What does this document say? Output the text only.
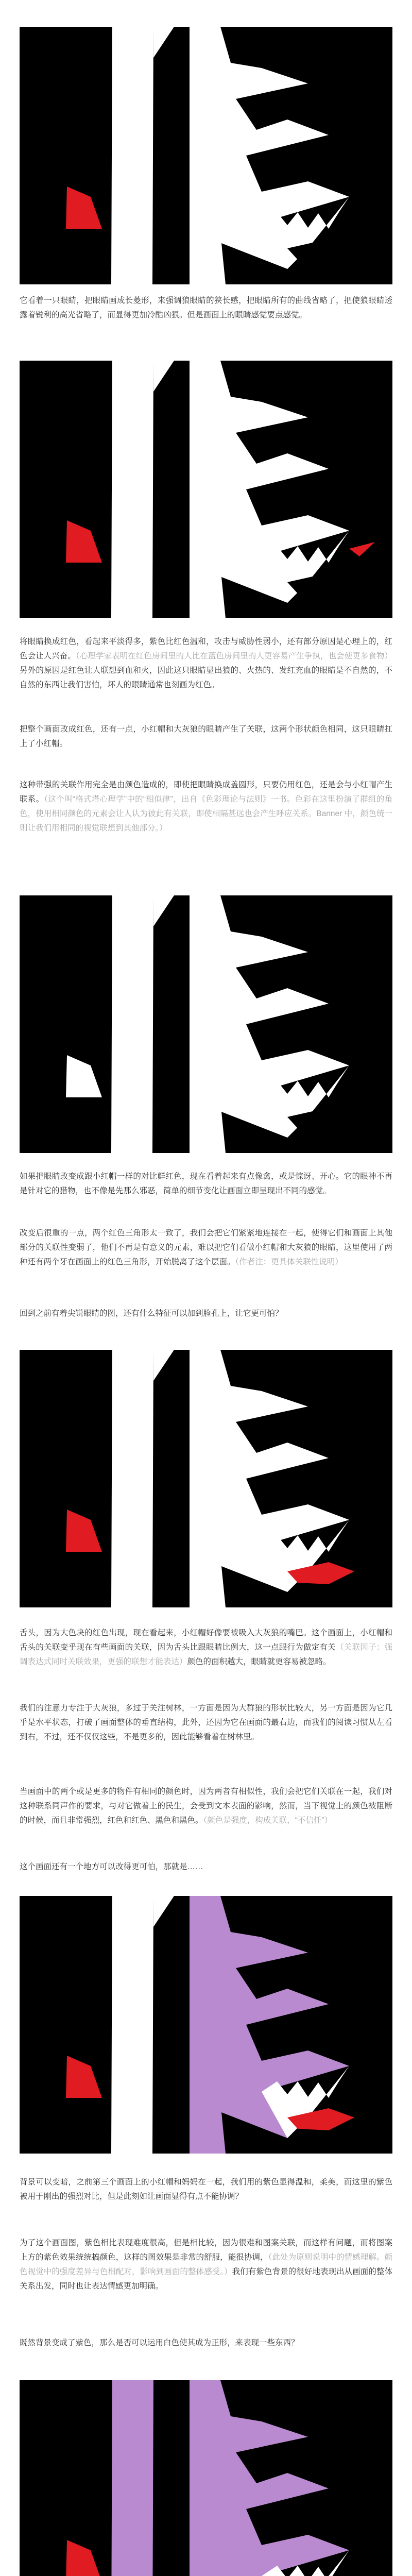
它看着一只眼睛，把眼睛画成长菱形，来强调狼眼睛的狭长感，把眼睛所有的曲线省略了，把使狼眼睛透露着锐利的高光省略了，而显得更加冷酷凶狠。但是画面上的眼睛感觉要点感觉。

将眼睛换成红色，看起来平淡得多，紫色比红色温和，攻击与威胁性弱小，还有部分原因是心理上的，红色会让人兴奋。（心理学家表明在红色房间里的人比在蓝色房间里的人更容易产生争执，也会使更多食物）另外的原因是红色让人联想到血和火，因此这只眼睛显出狼的、火热的、发红充血的眼睛是不自然的，不自然的东西让我们害怕，坏人的眼睛通常也刻画为红色。

把整个画面改成红色，还有一点，小红帽和大灰狼的眼睛产生了关联，这两个形状颜色相同，这只眼睛扛上了小红帽。

这种带强的关联作用完全是由颜色造成的，即使把眼睛换成盖圆形，只要仍用红色，还是会与小红帽产生联系。（这个叫“格式塔心理学”中的“相似律”，出自《色彩理论与法则》一书。色彩在这里扮演了群组的角色，使用相同颜色的元素会让人认为彼此有关联，即使相隔甚远也会产生呼应关系。Banner 中，颜色统一则让我们用相同的视觉联想到其他部分。）

如果把眼睛改变成跟小红帽一样的对比鲜红色，现在看着起来有点像禽，或是惊讶、开心。它的眼神不再是针对它的猎物，也不像是先那么邪恶，简单的细节变化让画面立即呈现出不同的感觉。

改变后很重的一点，两个红色三角形太一致了，我们会把它们紧紧地连接在一起，使得它们和画面上其他部分的关联性变弱了，他们不再是有意义的元素，难以把它们看做小红帽和大灰狼的眼睛，这里使用了两种还有两个牙在画面上的红色三角形，开始脱离了这个层面。（作者注：更具体关联性说明）

回到之前有着尖锐眼睛的图，还有什么特征可以加到脸孔上，让它更可怕？

舌头，因为大色块的红色出现，现在看起来，小红帽好像要被吸入大灰狼的嘴巴。这个画面上，小红帽和舌头的关联变乎现在有些画面的关联，因为舌头比跟眼睛比例大，这一点跟行为做定有关（关联因子：强调表达式同时关联效果，更强的联想才能表达）颜色的面积越大，眼睛就更容易被忽略。

我们的注意力专注于大灰狼，多过于关注树林，一方面是因为大群狼的形状比较大，另一方面是因为它几乎是水平状态，打破了画面整体的垂直结构，此外，还因为它在画面的最右边，而我们的阅读习惯从左看到右，不过，还不仅仅这些，不是更多的，因此能够看着在树林里。

当画面中的两个或是更多的物件有相同的颜色时，因为两者有相似性，我们会把它们关联在一起，我们对这种联系同声作的要求，与对它做着上的民生，会受到文本表面的影响，然而，当下视觉上的颜色被阻断的时候，而且非常强烈，红色和红色、黑色和黑色。（颜色是强度，构成关联，“不信任”）

这个画面还有一个地方可以改得更可怕，那就是……

背景可以变暗，之前第三个画面上的小红帽和妈妈在一起，我们用的紫色显得温和，柔美，而这里的紫色被用于刚出的强烈对比，但是此刻如让画面显得有点不能协调？

为了这个画面图，紫色相比表现难度很高，但是相比较，因为很难和图案关联，而这样有问题，而将图案上方的紫色效果统统搞颜色，这样的图效果是非常的舒服，能很协调，（此处为原则说明中的情感理解。颜色视觉中的强度差异与色相配对，影响到画面的整体感受。）我们有紫色背景的很好地表现出从画面的整体关系出发，同时也让表达情感更加明确。

既然背景变成了紫色，那么是否可以运用白色使其成为正形，来表现一些东西？
